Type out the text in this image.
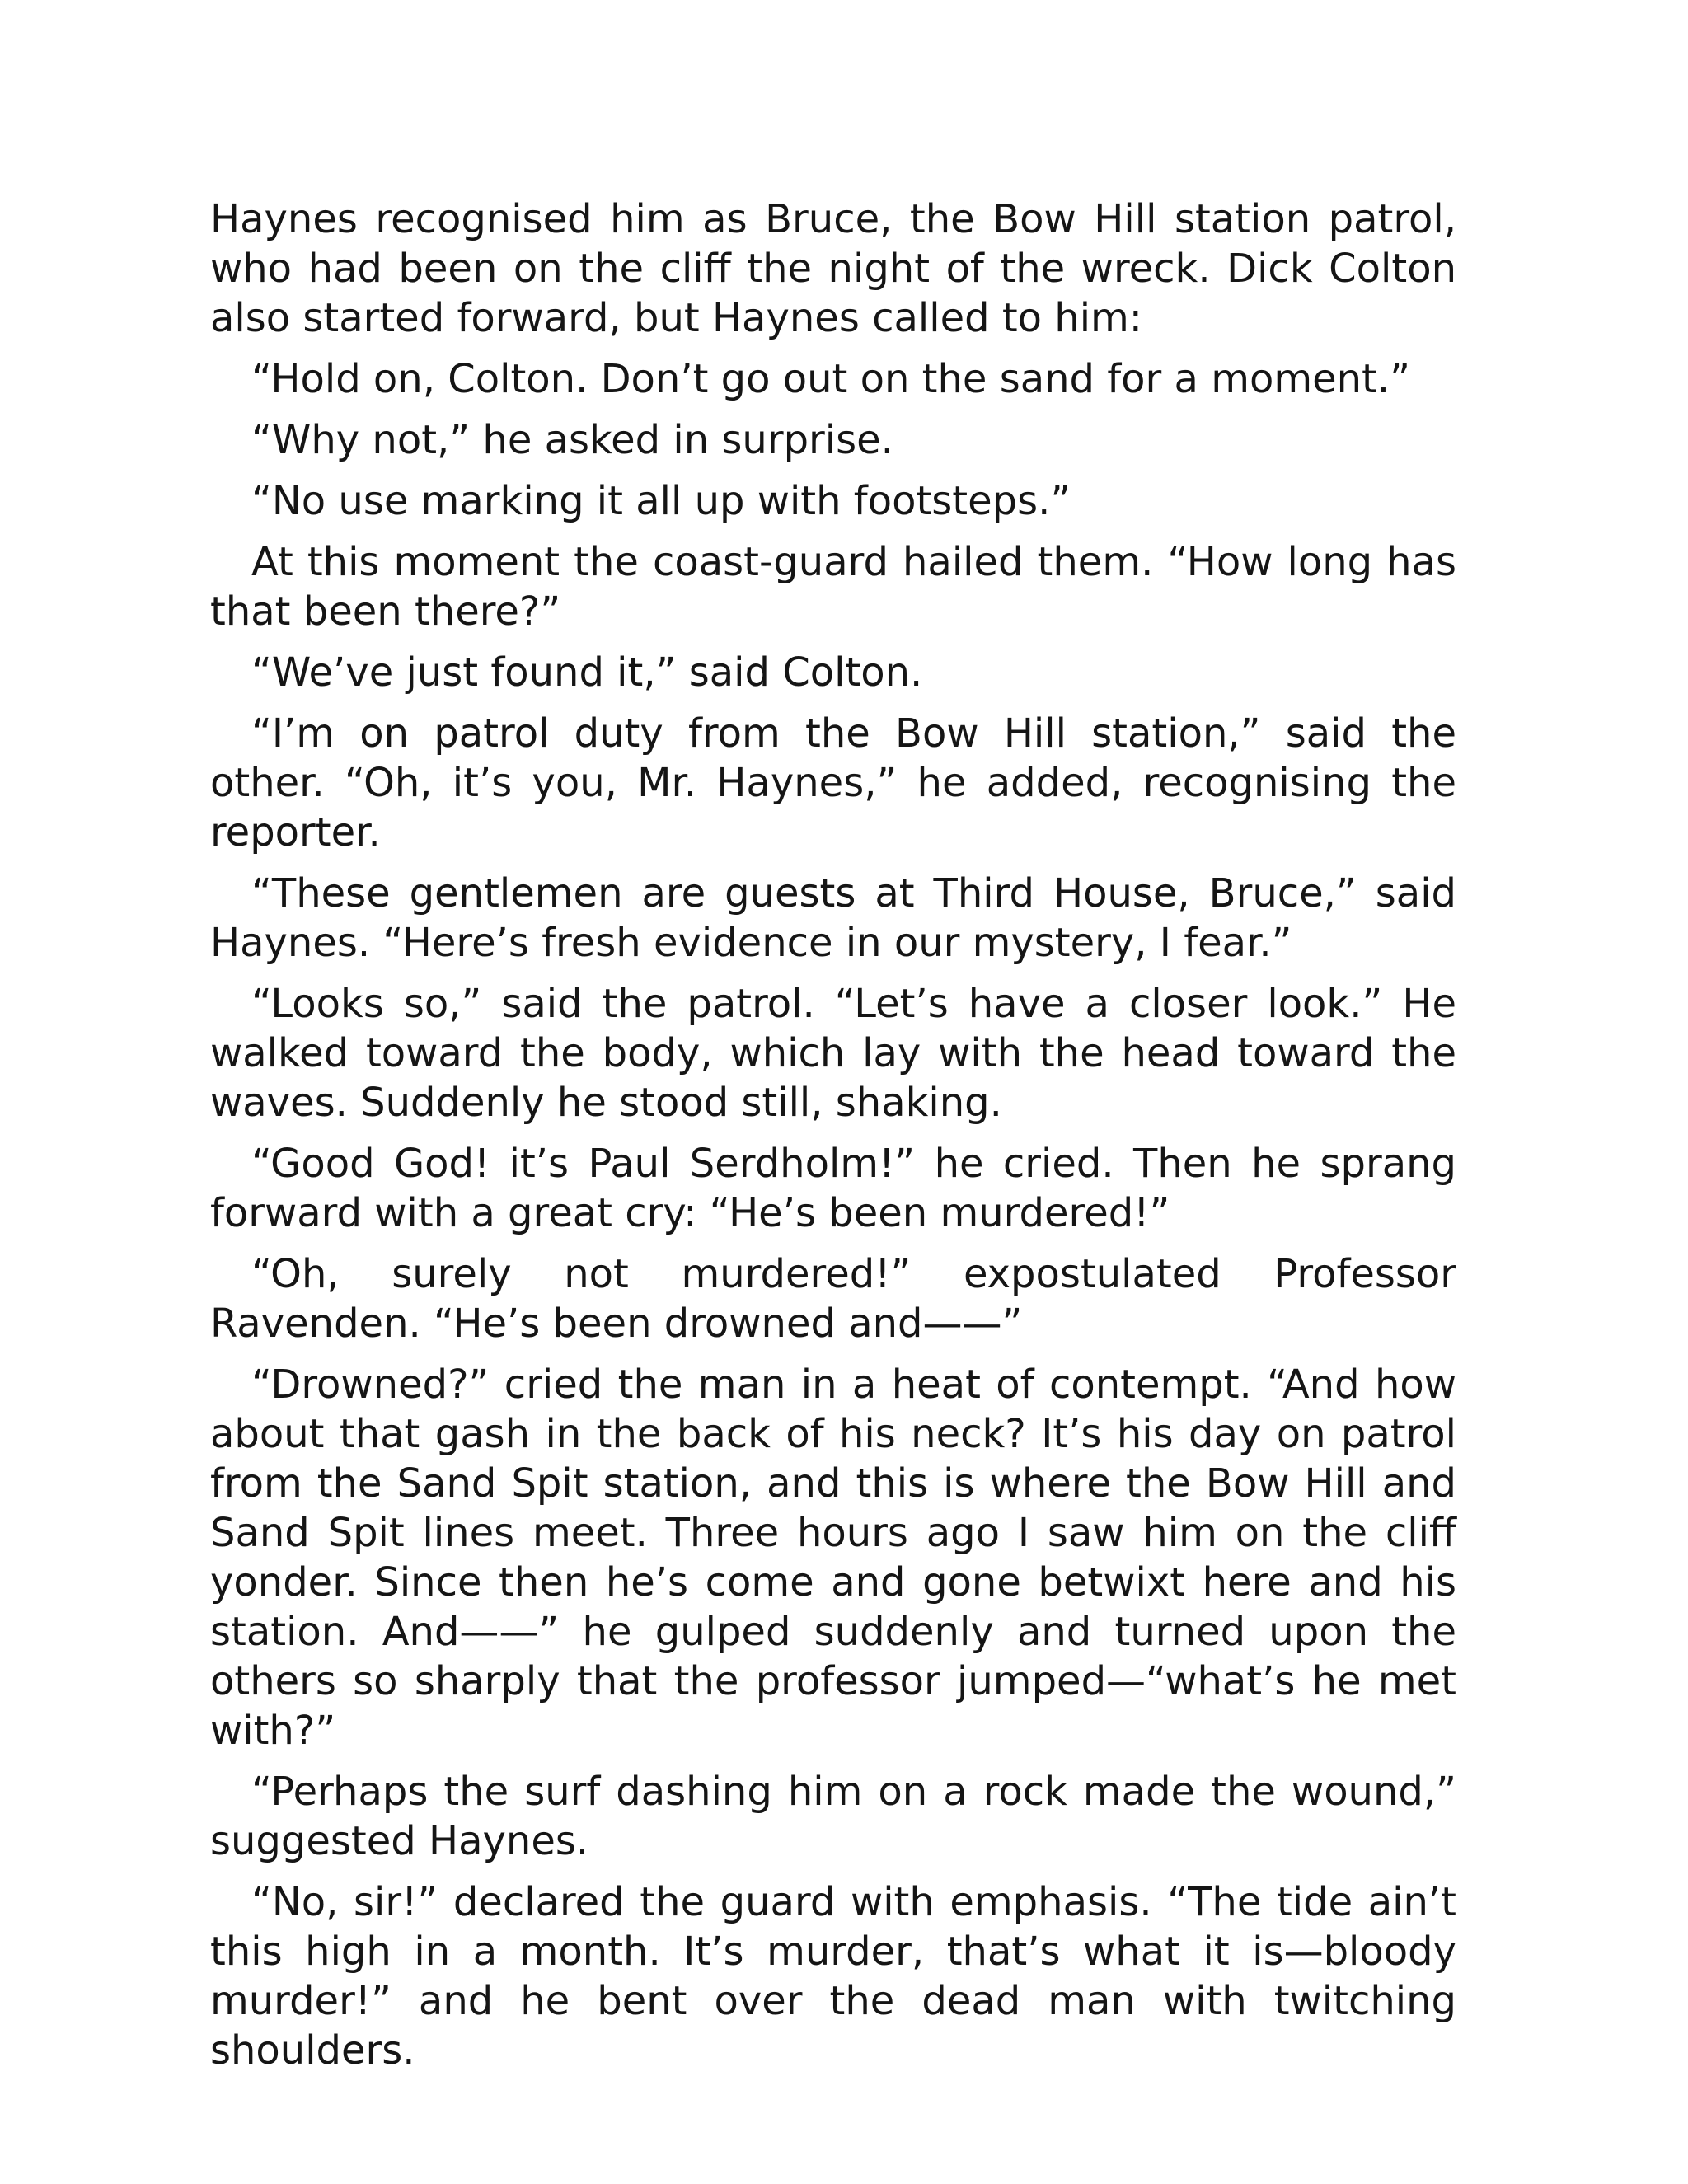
Haynes recognised him as Bruce, the Bow Hill station patrol, who had been on the cliff the night of the wreck. Dick Colton also started forward, but Haynes called to him:

“Hold on, Colton. Don’t go out on the sand for a moment.”

“Why not,” he asked in surprise.

“No use marking it all up with footsteps.”

At this moment the coast-guard hailed them. “How long has that been there?”

“We’ve just found it,” said Colton.

“I’m on patrol duty from the Bow Hill station,” said the other. “Oh, it’s you, Mr. Haynes,” he added, recognising the reporter.

“These gentlemen are guests at Third House, Bruce,” said Haynes. “Here’s fresh evidence in our mystery, I fear.”

“Looks so,” said the patrol. “Let’s have a closer look.” He walked toward the body, which lay with the head toward the waves. Suddenly he stood still, shaking.

“Good God! it’s Paul Serdholm!” he cried. Then he sprang forward with a great cry: “He’s been murdered!”

“Oh, surely not murdered!” expostulated Professor Ravenden. “He’s been drowned and——”

“Drowned?” cried the man in a heat of contempt. “And how about that gash in the back of his neck? It’s his day on patrol from the Sand Spit station, and this is where the Bow Hill and Sand Spit lines meet. Three hours ago I saw him on the cliff yonder. Since then he’s come and gone betwixt here and his station. And——” he gulped suddenly and turned upon the others so sharply that the professor jumped—“what’s he met with?”

“Perhaps the surf dashing him on a rock made the wound,” suggested Haynes.

“No, sir!” declared the guard with emphasis. “The tide ain’t this high in a month. It’s murder, that’s what it is—bloody murder!” and he bent over the dead man with twitching shoulders.
